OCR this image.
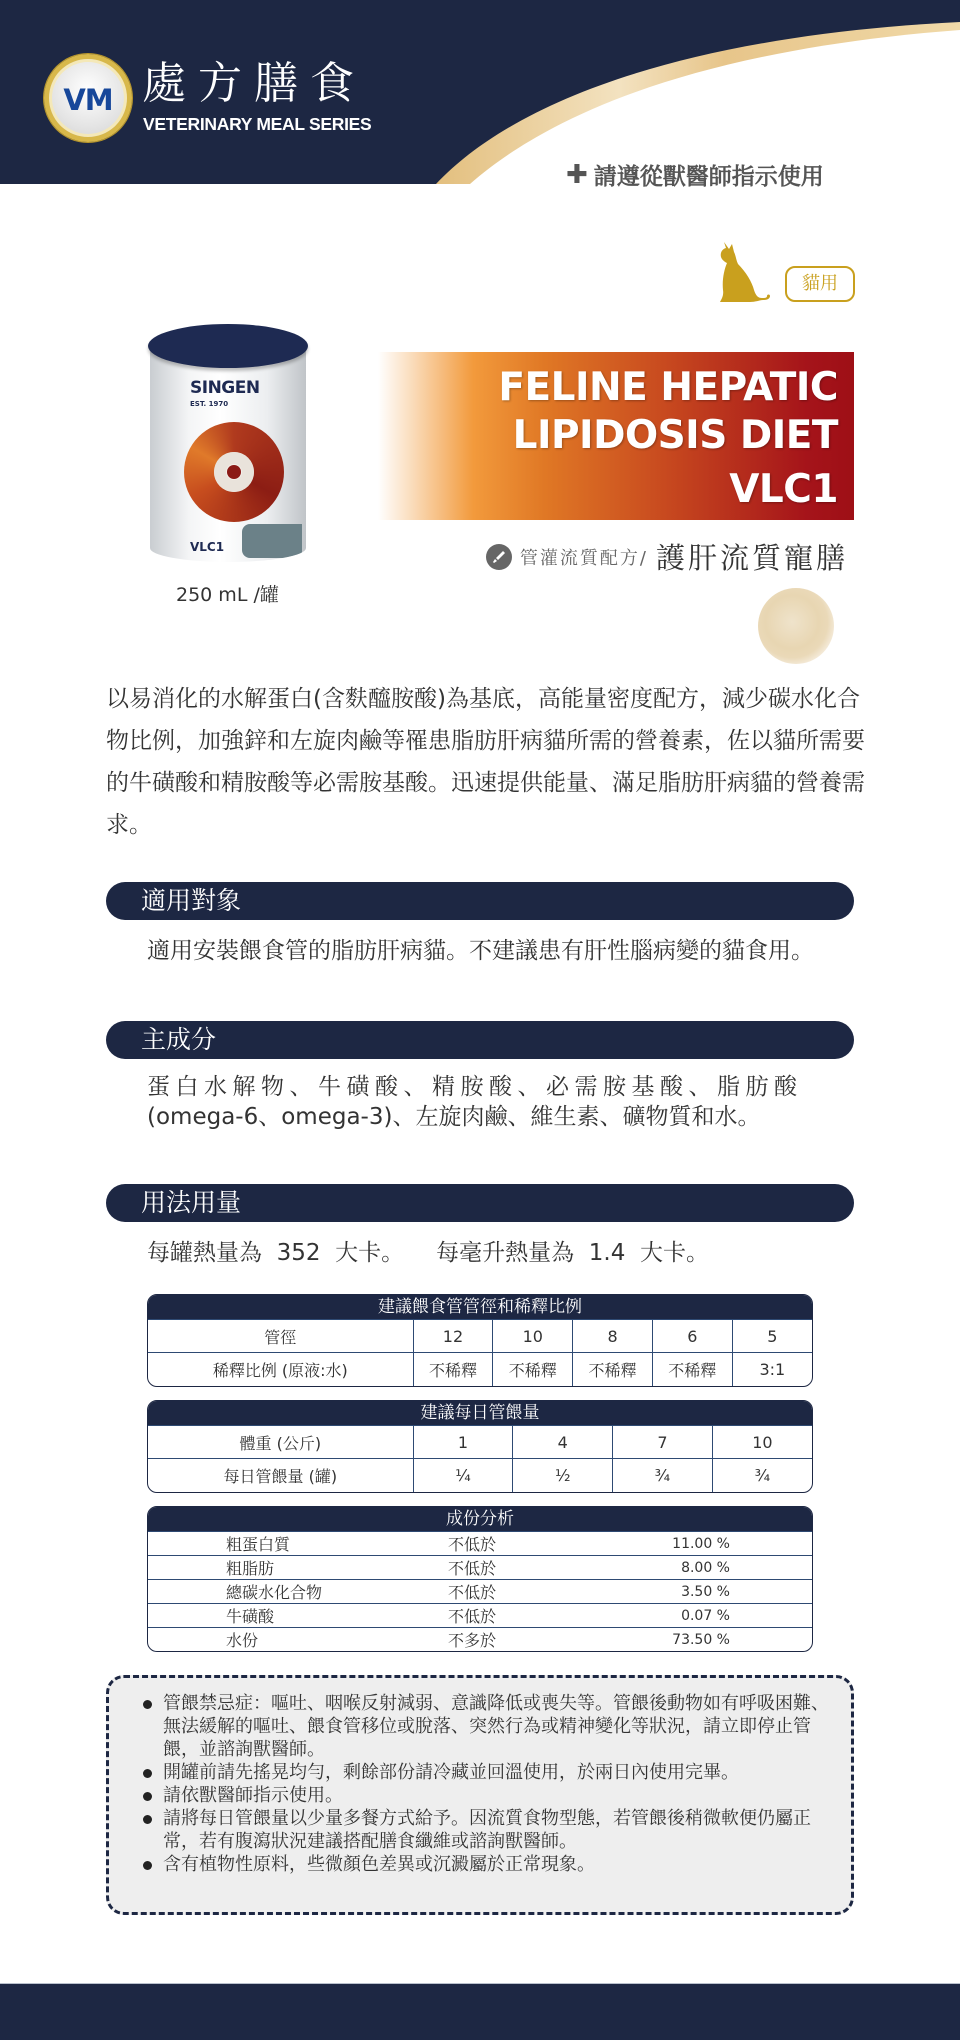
VM 處方膳食
VETERINARY MEAL SERIES
✚ 請遵從獸醫師指示使用
貓用
SINGEN
EST. 1970
VLC1
250 mL /罐
FELINE HEPATIC
LIPIDOSIS DIET
VLC1
管灌流質配方/ 護肝流質寵膳

以易消化的水解蛋白(含麩醯胺酸)為基底，高能量密度配方，減少碳水化合物比例，加強鋅和左旋肉鹼等罹患脂肪肝病貓所需的營養素，佐以貓所需要的牛磺酸和精胺酸等必需胺基酸。迅速提供能量、滿足脂肪肝病貓的營養需求。

適用對象

適用安裝餵食管的脂肪肝病貓。不建議患有肝性腦病變的貓食用。

主成分
蛋白水解物、牛磺酸、精胺酸、必需胺基酸、脂肪酸
(omega-6、omega-3)、左旋肉鹼、維生素、礦物質和水。
用法用量
每罐熱量為  352  大卡。 每毫升熱量為  1.4  大卡。
建議餵食管管徑和稀釋比例
管徑	12	10	8	6	5
稀釋比例 (原液:水)	不稀釋	不稀釋	不稀釋	不稀釋	3:1
建議每日管餵量
體重 (公斤)	1	4	7	10
每日管餵量 (罐)	¼	½	¾	¾
成份分析
粗蛋白質	不低於	11.00 %
粗脂肪	不低於	8.00 %
總碳水化合物	不低於	3.50 %
牛磺酸	不低於	0.07 %
水份	不多於	73.50 %
管餵禁忌症：嘔吐、咽喉反射減弱、意識降低或喪失等。管餵後動物如有呼吸困難、無法緩解的嘔吐、餵食管移位或脫落、突然行為或精神變化等狀況，請立即停止管餵，並諮詢獸醫師。
開罐前請先搖晃均勻，剩餘部份請冷藏並回溫使用，於兩日內使用完畢。
請依獸醫師指示使用。
請將每日管餵量以少量多餐方式給予。因流質食物型態，若管餵後稍微軟便仍屬正常，若有腹瀉狀況建議搭配膳食纖維或諮詢獸醫師。
含有植物性原料，些微顏色差異或沉澱屬於正常現象。
